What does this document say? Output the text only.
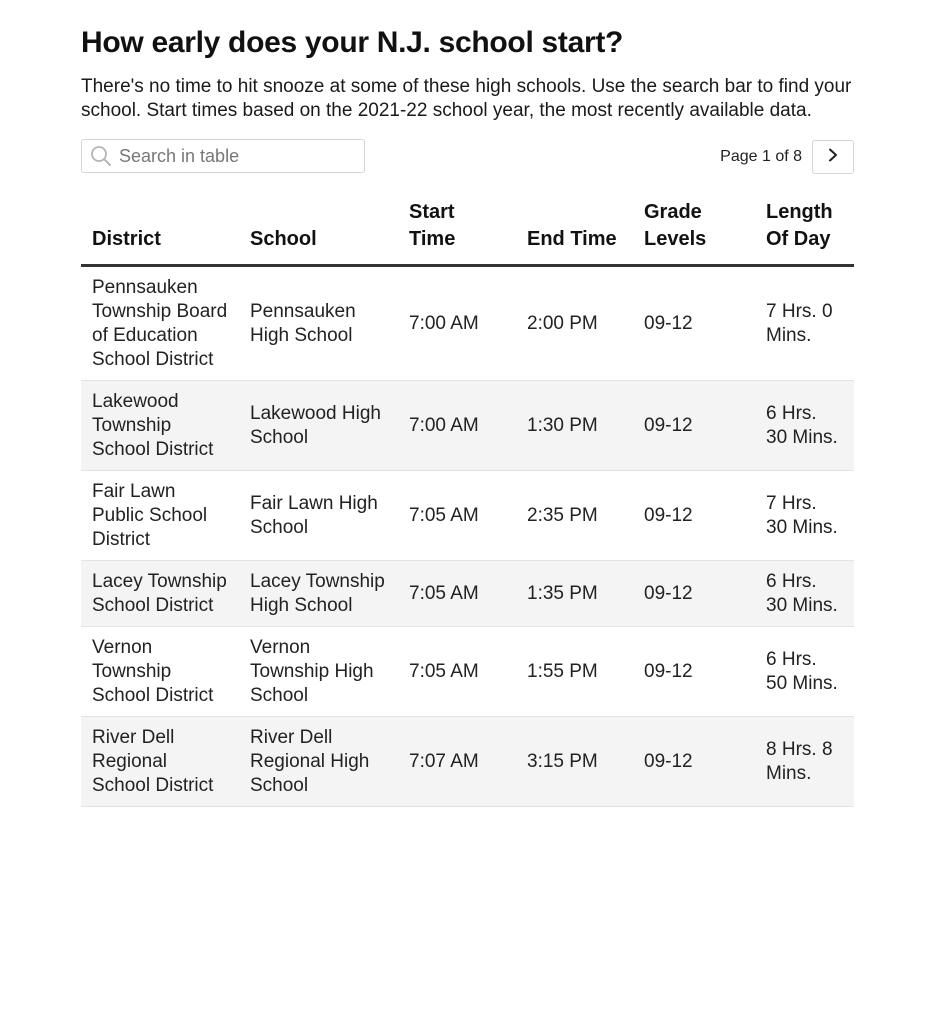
How early does your N.J. school start?

There's no time to hit snooze at some of these high schools. Use the search bar to find your school. Start times based on the 2021-22 school year, the most recently available data.

Search in table
Page 1 of 8
District	School	Start Time	End Time	Grade Levels	Length Of Day
Pennsauken Township Board of Education School District	Pennsauken High School	7:00 AM	2:00 PM	09-12	7 Hrs. 0 Mins.
Lakewood Township School District	Lakewood High School	7:00 AM	1:30 PM	09-12	6 Hrs. 30 Mins.
Fair Lawn Public School District	Fair Lawn High School	7:05 AM	2:35 PM	09-12	7 Hrs. 30 Mins.
Lacey Township School District	Lacey Township High School	7:05 AM	1:35 PM	09-12	6 Hrs. 30 Mins.
Vernon Township School District	Vernon Township High School	7:05 AM	1:55 PM	09-12	6 Hrs. 50 Mins.
River Dell Regional School District	River Dell Regional High School	7:07 AM	3:15 PM	09-12	8 Hrs. 8 Mins.
